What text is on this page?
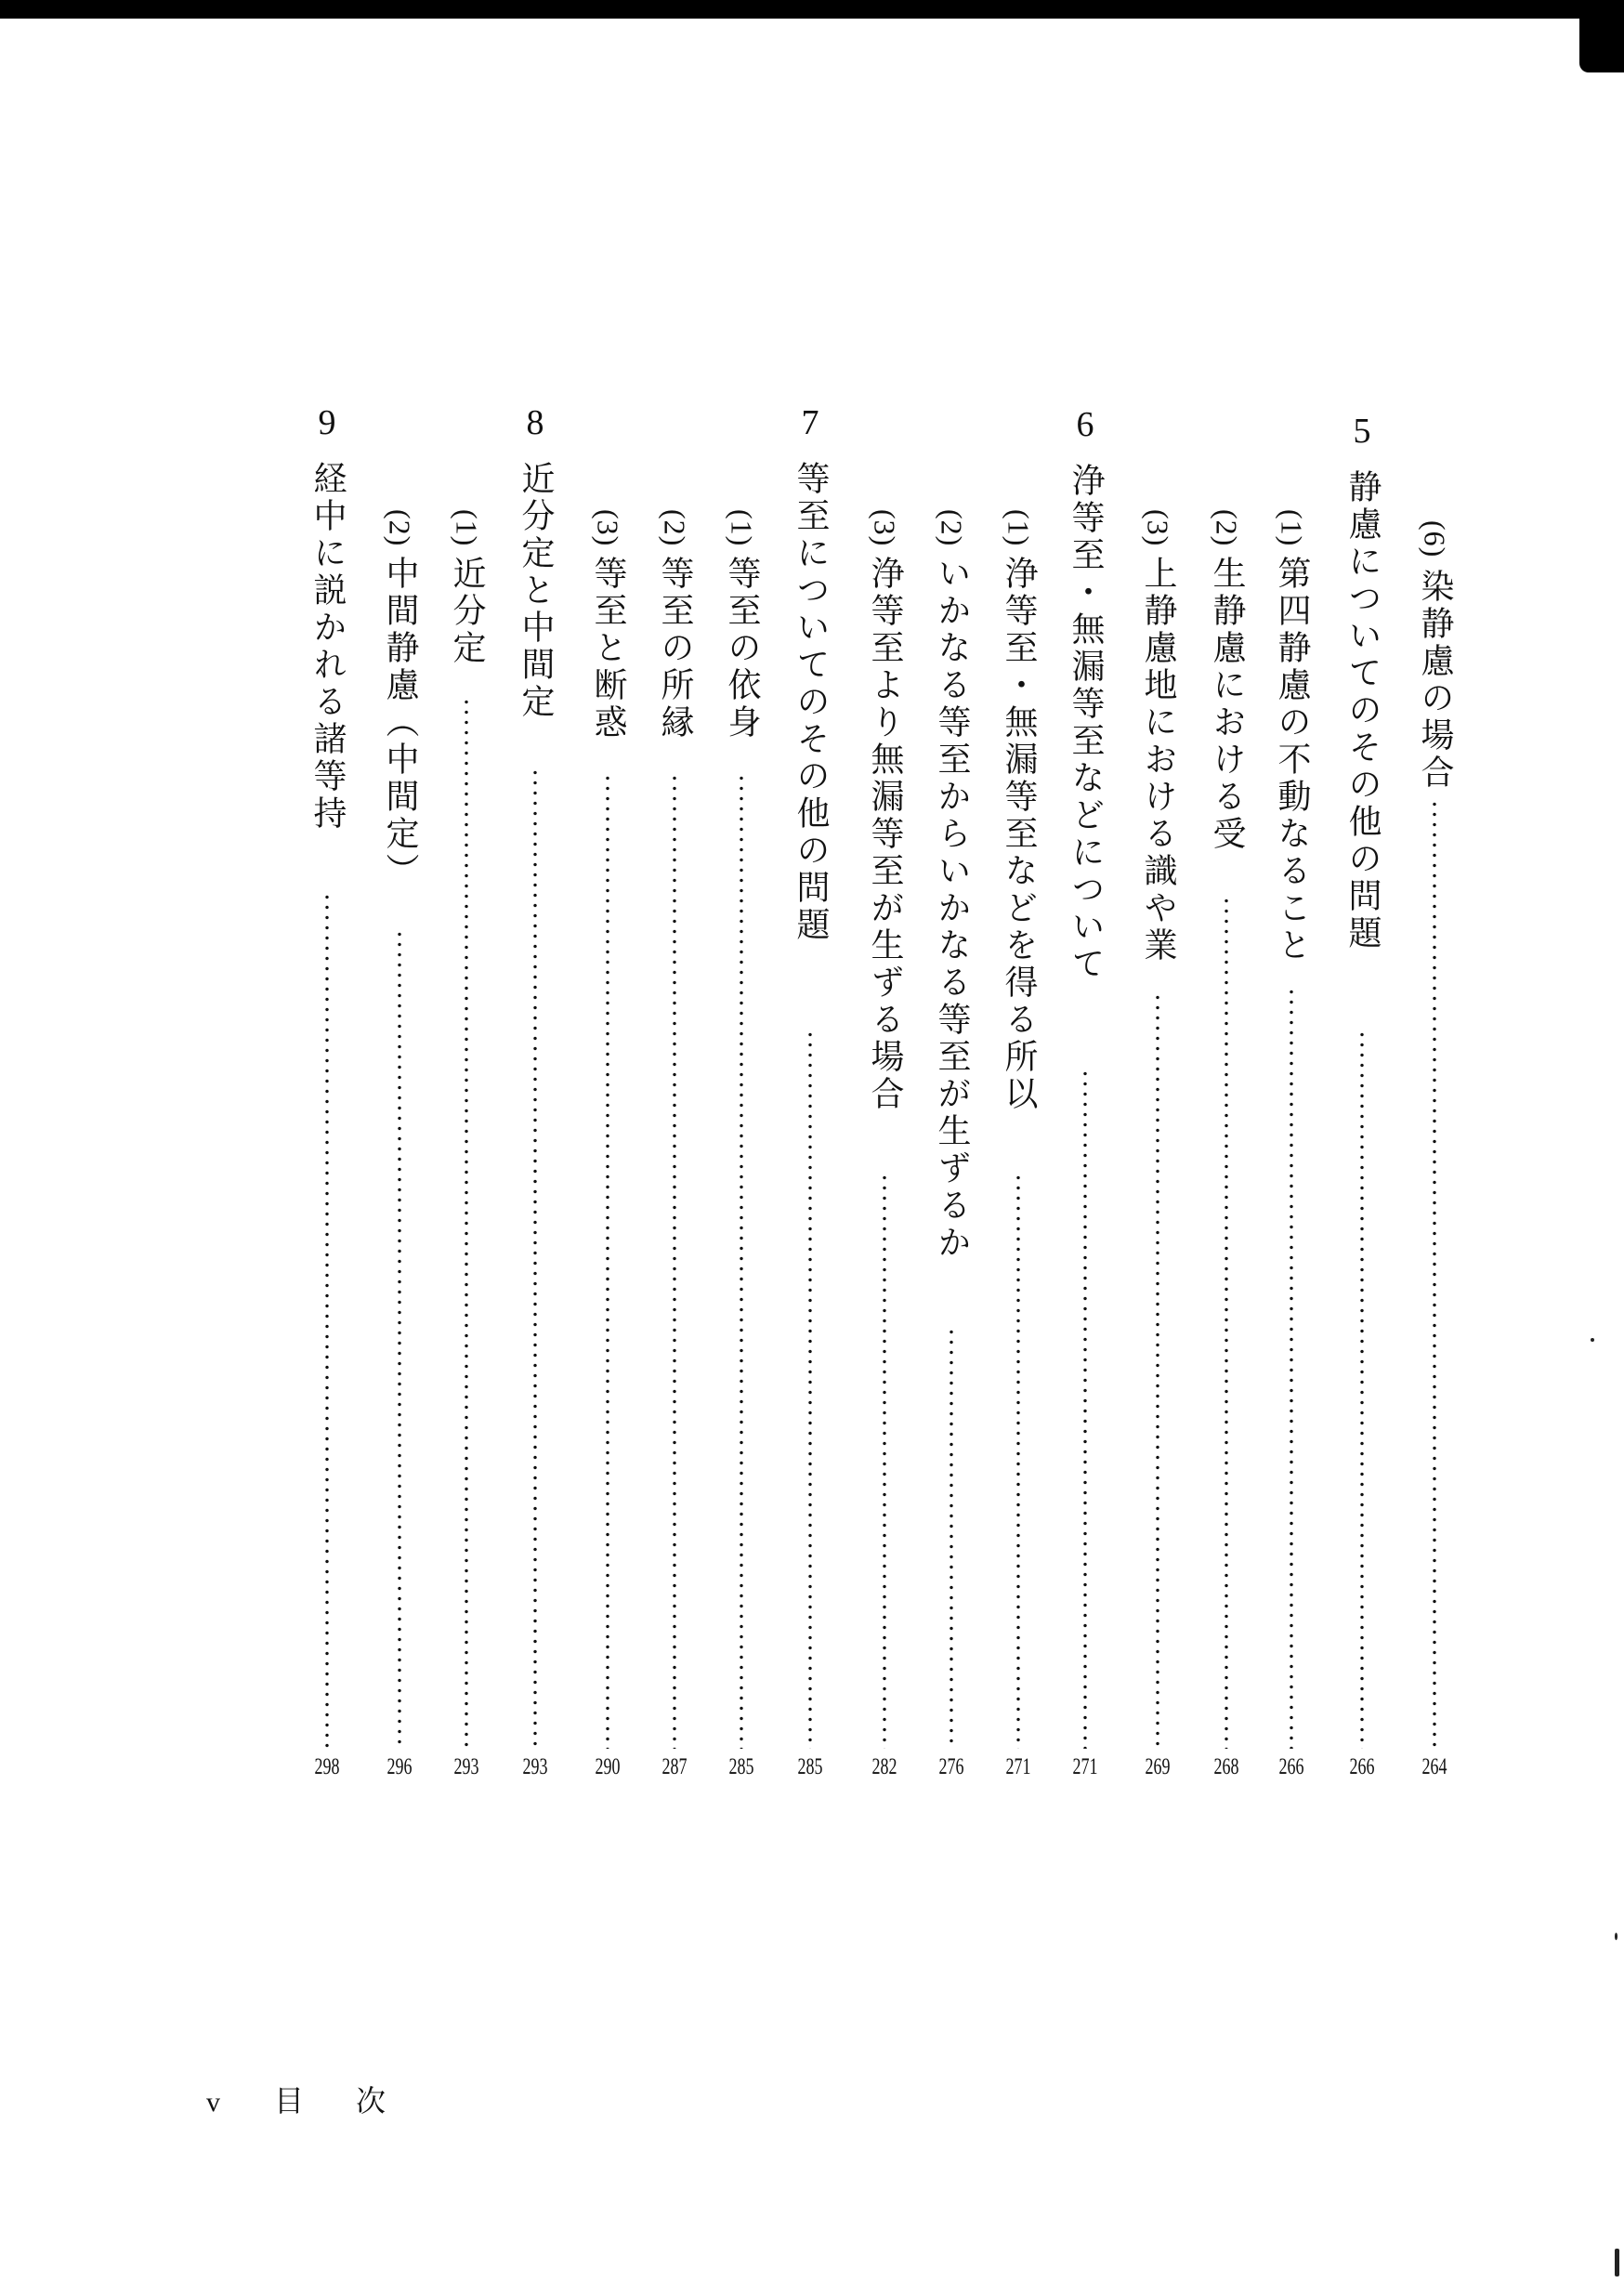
(6)
染静慮の場合
264
5
静慮についてのその他の問題
266
(1)
第四静慮の不動なること
266
(2)
生静慮における受
268
(3)
上静慮地における識や業
269
6
浄等至・無漏等至などについて
271
(1)
浄等至・無漏等至などを得る所以
271
(2)
いかなる等至からいかなる等至が生ずるか
276
(3)
浄等至より無漏等至が生ずる場合
282
7
等至についてのその他の問題
285
(1)
等至の依身
285
(2)
等至の所縁
287
(3)
等至と断惑
290
8
近分定と中間定
293
(1)
近分定
293
(2)
中間静慮（中間定）
296
9
経中に説かれる諸等持
298
v 目次
